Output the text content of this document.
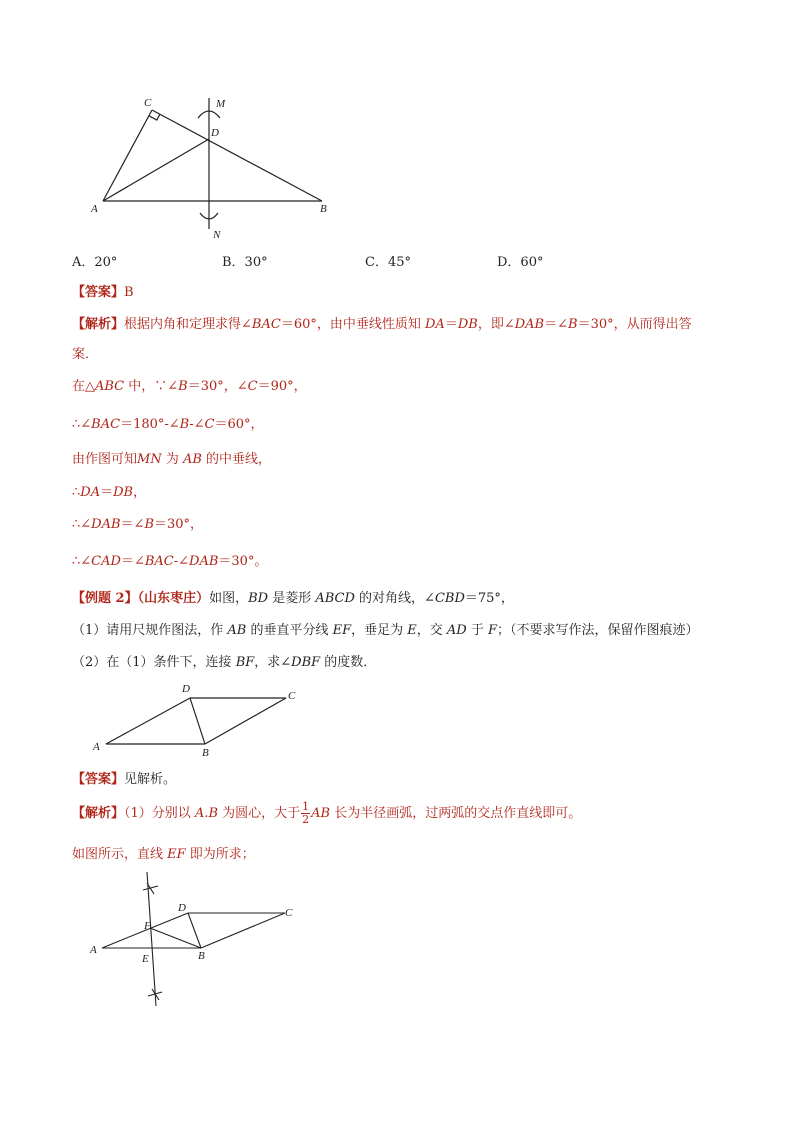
C	M
D
A	B
N
A．20°	B．30°	C．45°	D．60°
【答案】B
【解析】根据内角和定理求得∠BAC＝60°，由中垂线性质知 DA＝DB，即∠DAB＝∠B＝30°，从而得出答
案．
在△ABC 中，∵∠B＝30°，∠C＝90°，
∴∠BAC＝180°-∠B-∠C＝60°，
由作图可知MN 为 AB 的中垂线，
∴DA＝DB，
∴∠DAB＝∠B＝30°，
∴∠CAD＝∠BAC-∠DAB＝30°。
【例题 2】（山东枣庄）如图，BD 是菱形 ABCD 的对角线，∠CBD＝75°，
（1）请用尺规作图法，作 AB 的垂直平分线 EF，垂足为 E，交 AD 于 F；（不要求写作法，保留作图痕迹）
（2）在（1）条件下，连接 BF，求∠DBF 的度数．
D
C
A	B
【答案】见解析。
【解析】（1）分别以 A.B 为圆心，大于 $\frac{1}{2}$ AB 长为半径画弧，过两弧的交点作直线即可。
如图所示，直线 EF 即为所求；
D	C
F
A
E	B
